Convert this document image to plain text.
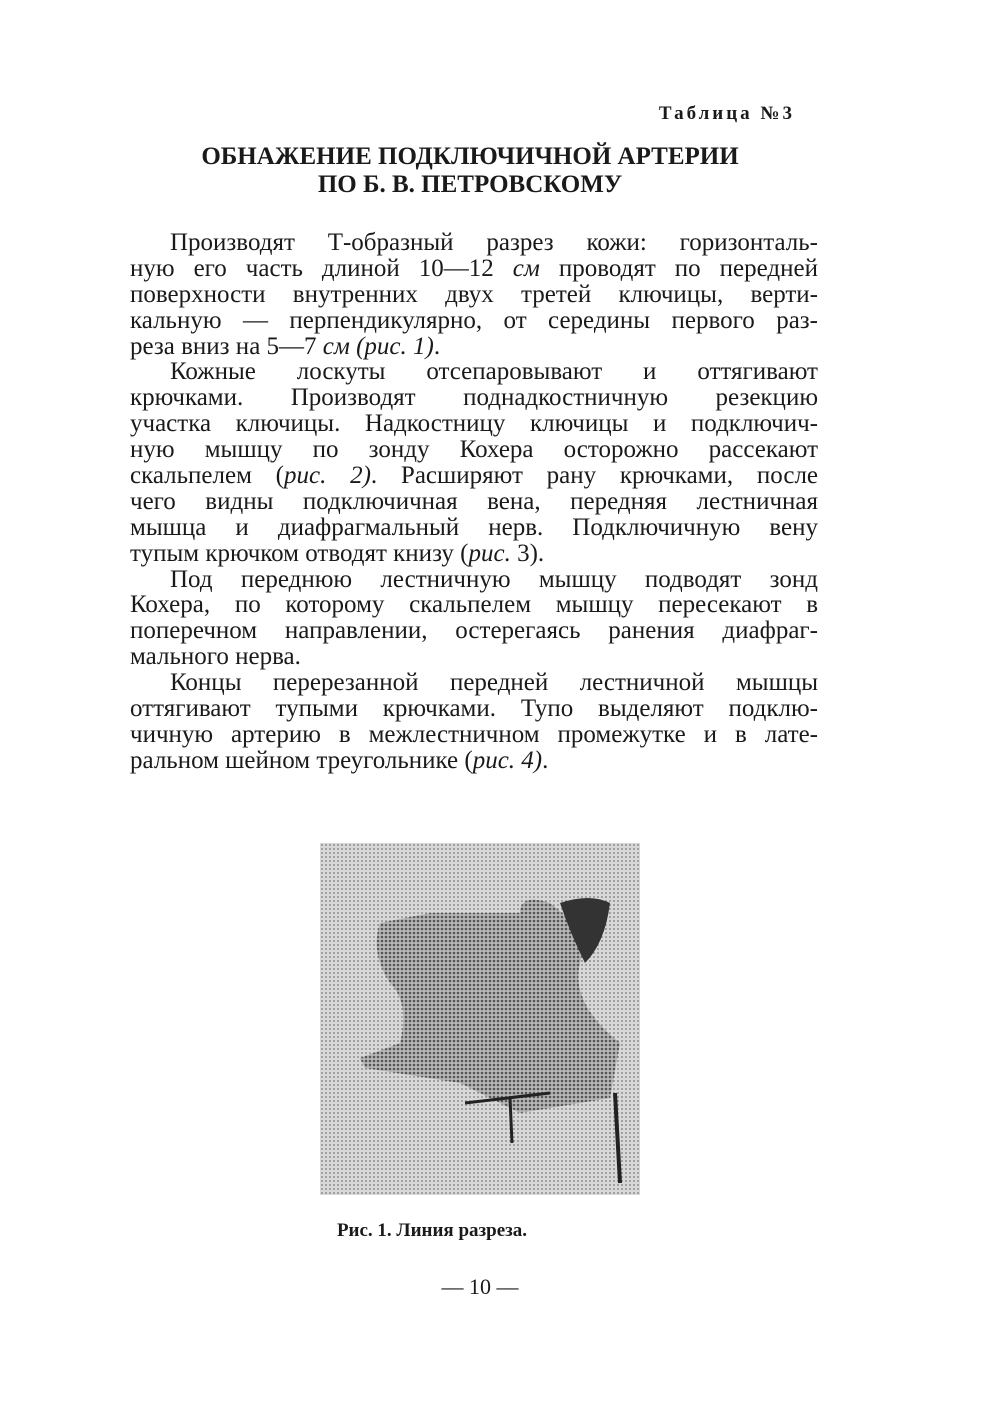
Таблица №3
ОБНАЖЕНИЕ ПОДКЛЮЧИЧНОЙ АРТЕРИИ
ПО Б. В. ПЕТРОВСКОМУ
Производят Т-образный разрез кожи: горизонталь-
ную его часть длиной 10—12 см проводят по передней
поверхности внутренних двух третей ключицы, верти-
кальную — перпендикулярно, от середины первого раз-
реза вниз на 5—7 см (рис. 1).
Кожные лоскуты отсепаровывают и оттягивают
крючками. Производят поднадкостничную резекцию
участка ключицы. Надкостницу ключицы и подключич-
ную мышцу по зонду Кохера осторожно рассекают
скальпелем (рис. 2). Расширяют рану крючками, после
чего видны подключичная вена, передняя лестничная
мышца и диафрагмальный нерв. Подключичную вену
тупым крючком отводят книзу (рис. 3).
Под переднюю лестничную мышцу подводят зонд
Кохера, по которому скальпелем мышцу пересекают в
поперечном направлении, остерегаясь ранения диафраг-
мального нерва.
Концы перерезанной передней лестничной мышцы
оттягивают тупыми крючками. Тупо выделяют подклю-
чичную артерию в межлестничном промежутке и в лате-
ральном шейном треугольнике (рис. 4).
Рис. 1. Линия разреза.
— 10 —
